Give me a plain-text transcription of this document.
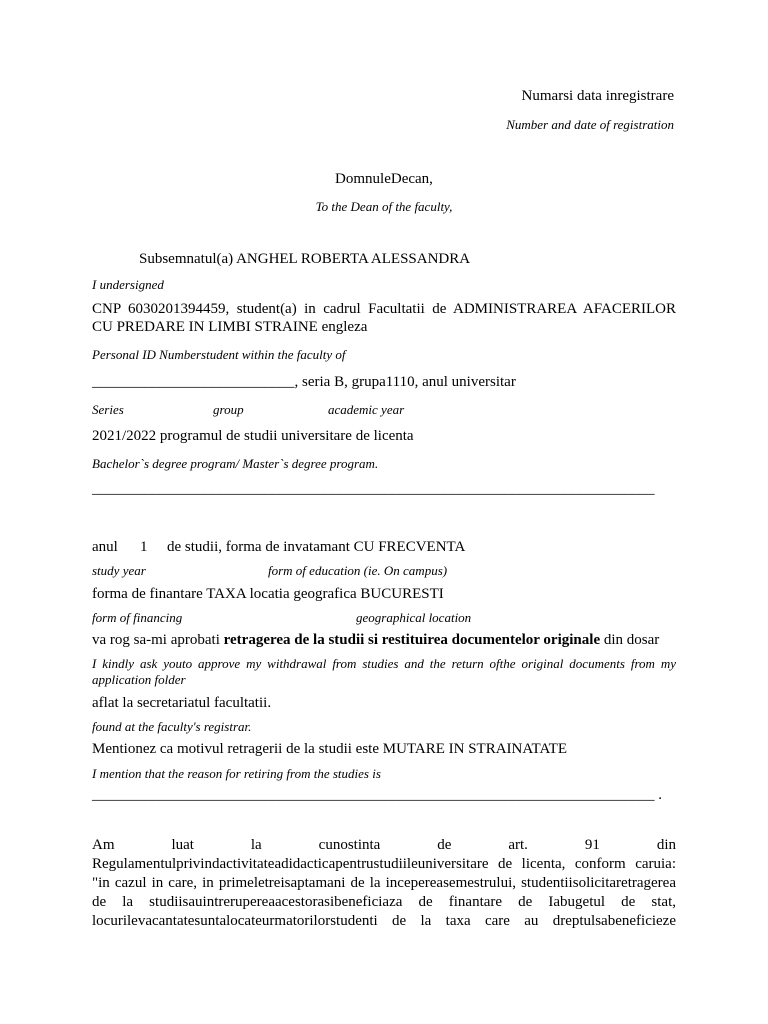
Numarsi data inregistrare
Number and date of registration
DomnuleDecan,
To the Dean of the faculty,
Subsemnatul(a) ANGHEL ROBERTA ALESSANDRA
I undersigned
CNP 6030201394459, student(a) in cadrul Facultatii de ADMINISTRAREA AFACERILOR
CU PREDARE IN LIMBI STRAINE engleza
Personal ID Numberstudent within the faculty of
___________________________, seria B, grupa1110, anul universitar
Series	group	academic year
2021/2022 programul de studii universitare de licenta
Bachelor`s degree program/ Master`s degree program.
___________________________________________________________________________
anul 1 de studii, forma de invatamant CU FRECVENTA
study year	form of education (ie. On campus)
forma de finantare TAXA locatia geografica BUCURESTI
form of financing	geographical location
va rog sa-mi aprobati retragerea de la studii si restituirea documentelor originale din dosar
I kindly ask youto approve my withdrawal from studies and the return ofthe original documents from my application folder
aflat la secretariatul facultatii.
found at the faculty's registrar.
Mentionez ca motivul retragerii de la studii este MUTARE IN STRAINATATE
I mention that the reason for retiring from the studies is
___________________________________________________________________________ .
Am luat la cunostinta de art. 91 din
Regulamentulprivindactivitateadidacticapentrustudiileuniversitare de licenta, conform caruia:
"in cazul in care, in primeletreisaptamani de la incepereasemestrului, studentiisolicitaretragerea
de la studiisauintrerupereaacestorasibeneficiaza de finantare de Iabugetul de stat,
locurilevacantatesuntalocateurmatorilorstudenti de la taxa care au dreptulsabeneficieze
